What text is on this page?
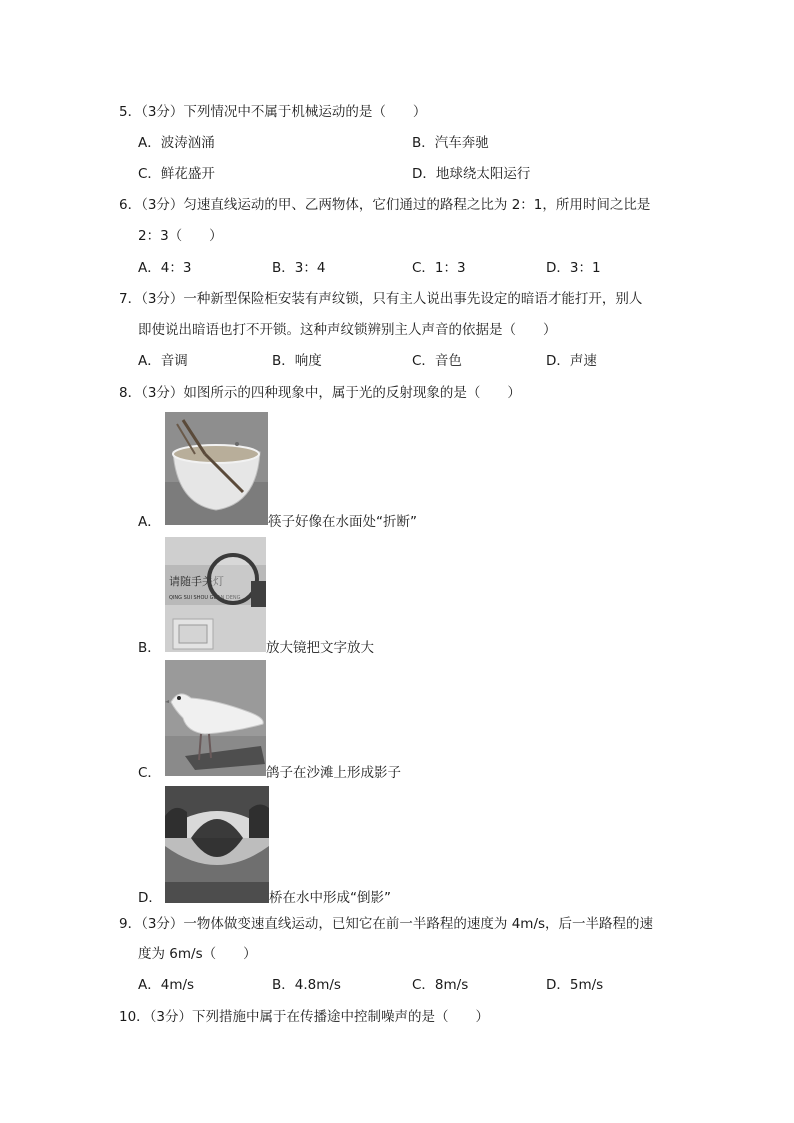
5．（3分）下列情况中不属于机械运动的是（　　）
A．波涛汹涌	B．汽车奔驰
C．鲜花盛开	D．地球绕太阳运行
6．（3分）匀速直线运动的甲、乙两物体，它们通过的路程之比为 2：1，所用时间之比是
2：3（　　）
A．4：3	B．3：4	C．1：3	D．3：1
7．（3分）一种新型保险柜安装有声纹锁，只有主人说出事先设定的暗语才能打开，别人
即使说出暗语也打不开锁。这种声纹锁辨别主人声音的依据是（　　）
A．音调	B．响度	C．音色	D．声速
8．（3分）如图所示的四种现象中，属于光的反射现象的是（　　）
A．	筷子好像在水面处“折断”
B．
请随手关灯
QING SUI SHOU GUAN DENG
放大镜把文字放大
C．	鸽子在沙滩上形成影子
D．	桥在水中形成“倒影”
9．（3分）一物体做变速直线运动，已知它在前一半路程的速度为 4m/s，后一半路程的速
度为 6m/s（　　）
A．4m/s	B．4.8m/s	C．8m/s	D．5m/s
10．（3分）下列措施中属于在传播途中控制噪声的是（　　）
